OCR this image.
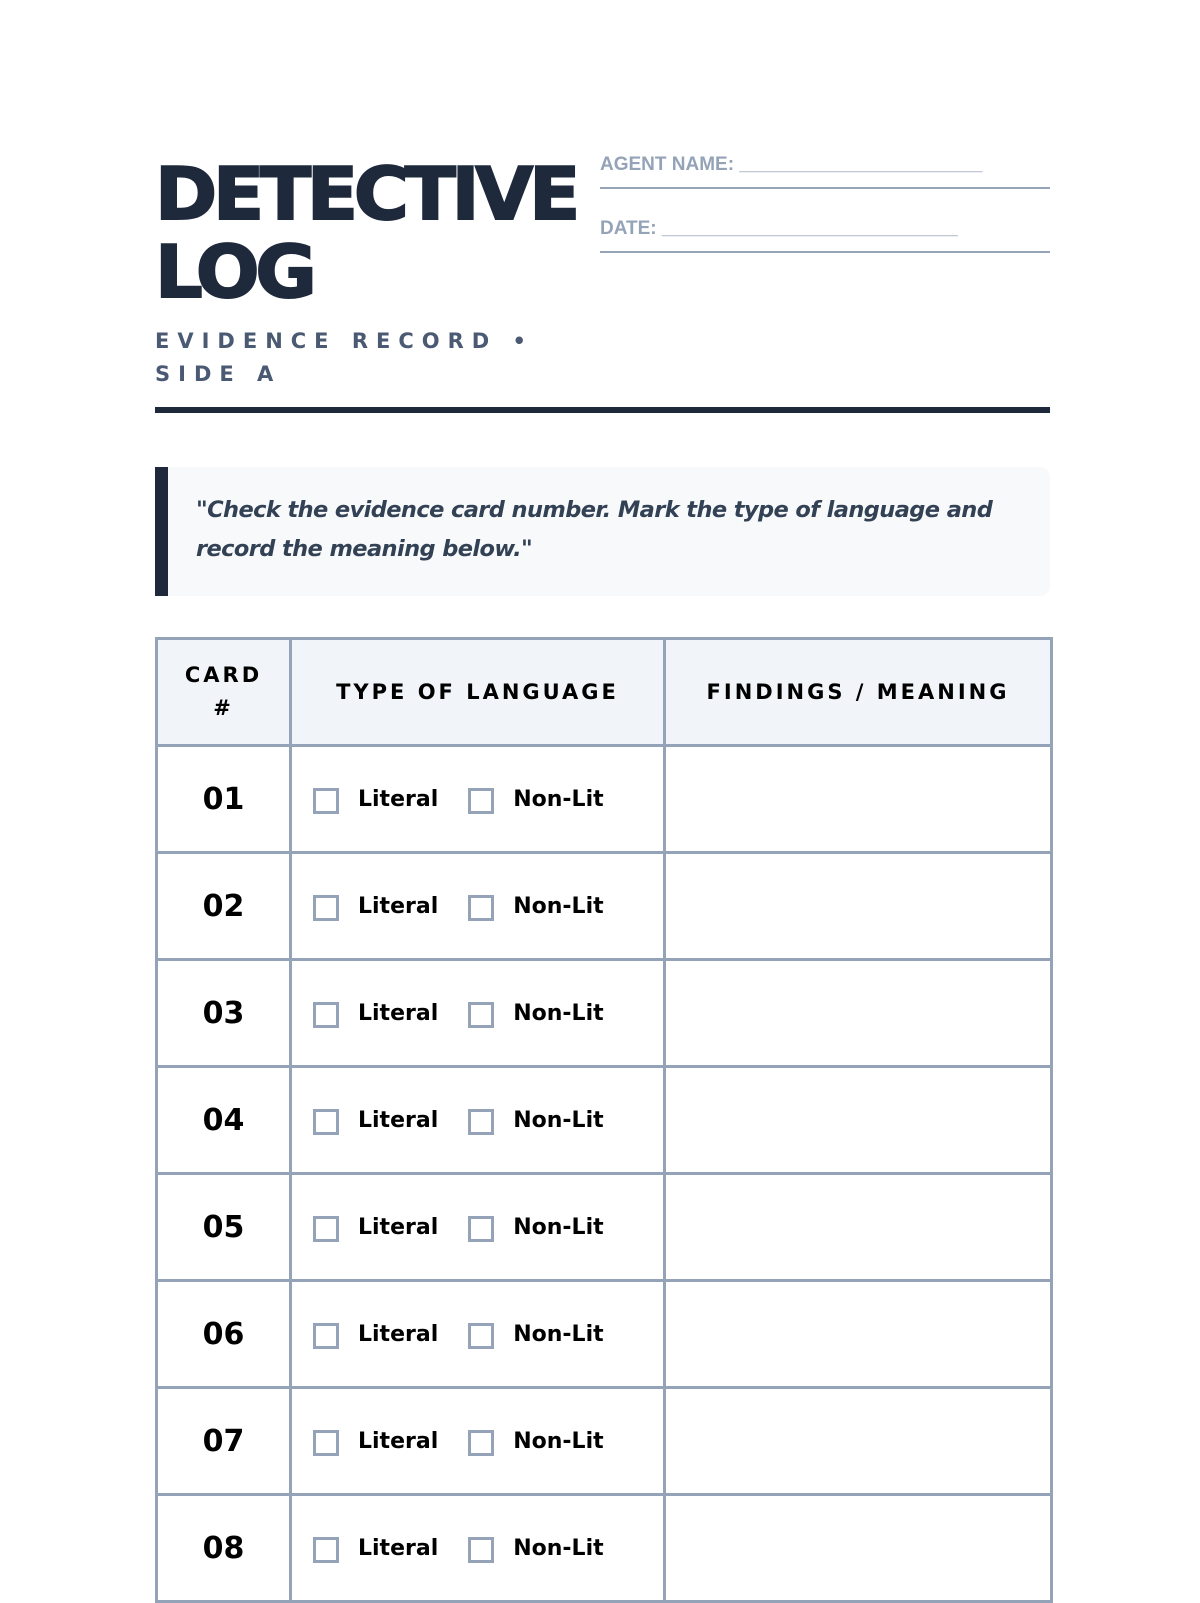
DETECTIVE
LOG
EVIDENCE RECORD •
SIDE A
AGENT NAME: _______________________
DATE: ____________________________
"Check the evidence card number. Mark the type of language and record the meaning below."
CARD #	TYPE OF LANGUAGE	FINDINGS / MEANING
01	Literal Non-Lit	

02	Literal Non-Lit	

03	Literal Non-Lit	

04	Literal Non-Lit	

05	Literal Non-Lit	

06	Literal Non-Lit	

07	Literal Non-Lit	

08	Literal Non-Lit	
